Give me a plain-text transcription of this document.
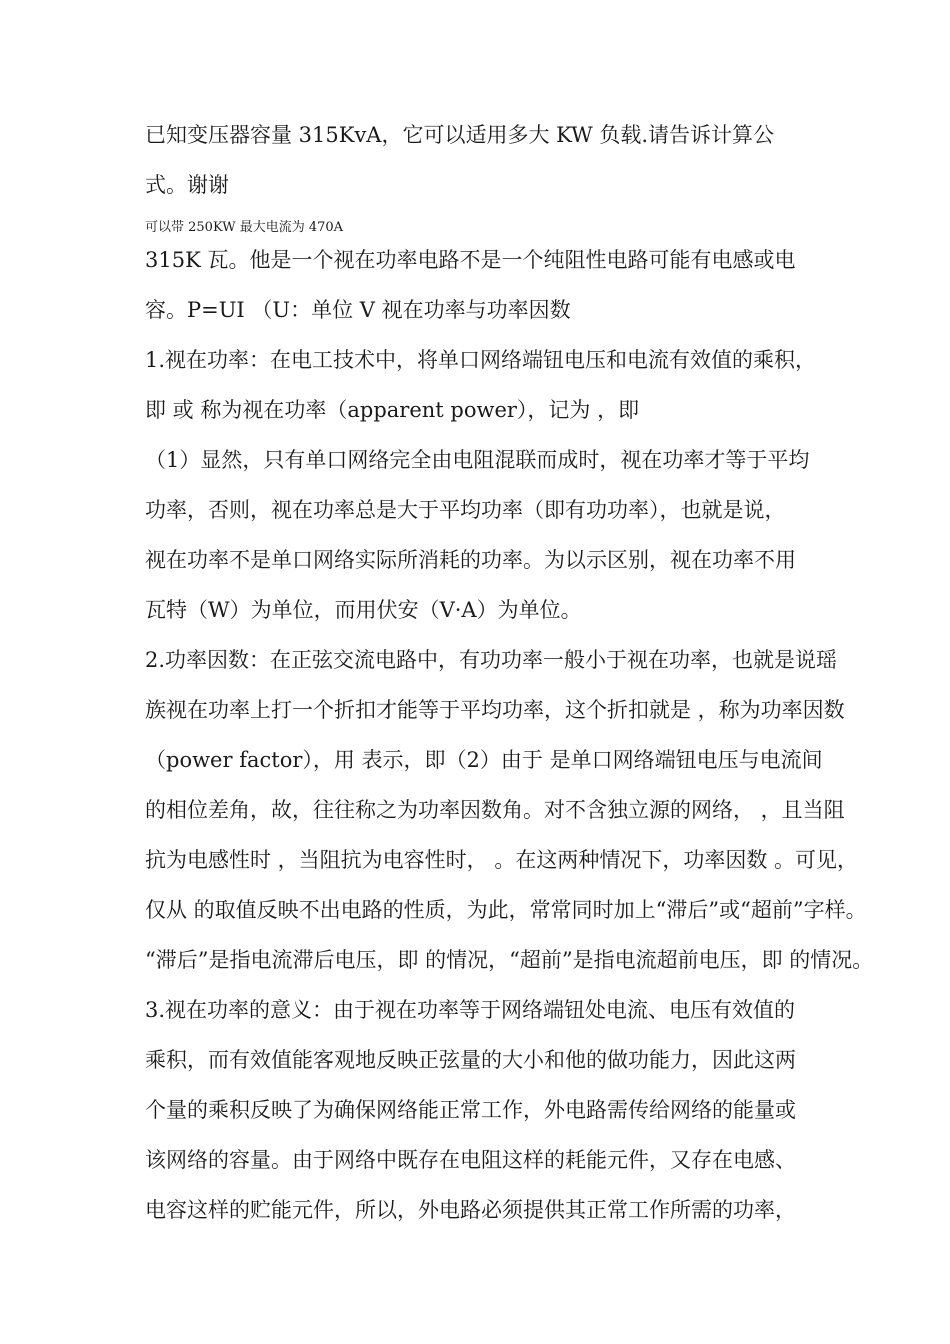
已知变压器容量 315KvA，它可以适用多大 KW 负载.请告诉计算公
式。谢谢
可以带 250KW 最大电流为 470A
315K 瓦。他是一个视在功率电路不是一个纯阻性电路可能有电感或电
容。P=UI （U：单位 V 视在功率与功率因数
1.视在功率：在电工技术中，将单口网络端钮电压和电流有效值的乘积，
即 或 称为视在功率（apparent power），记为 ，即
（1）显然，只有单口网络完全由电阻混联而成时，视在功率才等于平均
功率，否则，视在功率总是大于平均功率（即有功功率），也就是说，
视在功率不是单口网络实际所消耗的功率。为以示区别，视在功率不用
瓦特（W）为单位，而用伏安（V·A）为单位。
2.功率因数：在正弦交流电路中，有功功率一般小于视在功率，也就是说瑶
族视在功率上打一个折扣才能等于平均功率，这个折扣就是 ，称为功率因数
（power factor），用 表示，即（2）由于 是单口网络端钮电压与电流间
的相位差角，故，往往称之为功率因数角。对不含独立源的网络， ，且当阻
抗为电感性时 ，当阻抗为电容性时， 。在这两种情况下，功率因数 。可见，
仅从 的取值反映不出电路的性质，为此，常常同时加上“滞后”或“超前”字样。
“滞后”是指电流滞后电压，即 的情况，“超前”是指电流超前电压，即 的情况。
3.视在功率的意义：由于视在功率等于网络端钮处电流、电压有效值的
乘积，而有效值能客观地反映正弦量的大小和他的做功能力，因此这两
个量的乘积反映了为确保网络能正常工作，外电路需传给网络的能量或
该网络的容量。由于网络中既存在电阻这样的耗能元件，又存在电感、
电容这样的贮能元件，所以，外电路必须提供其正常工作所需的功率，
